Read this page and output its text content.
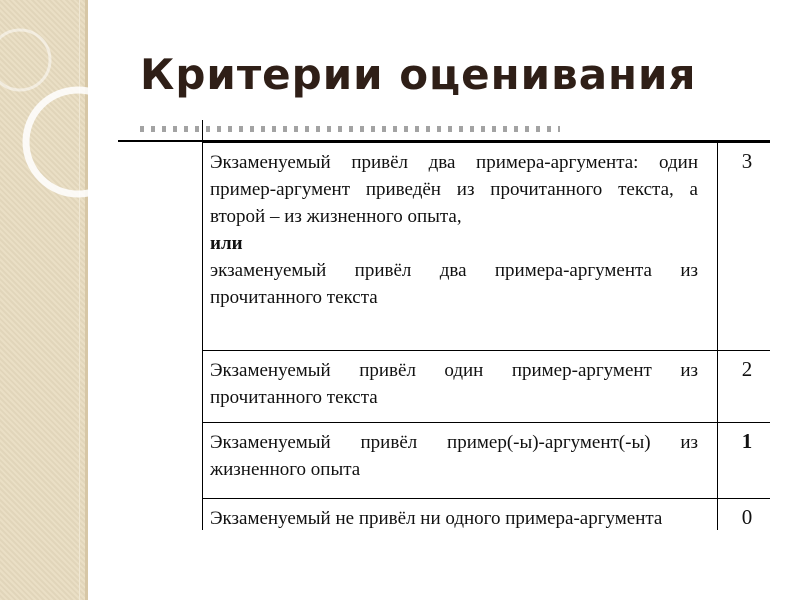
Критерии оценивания
Экзаменуемый привёл два примера-аргумента: один
пример-аргумент приведён из прочитанного текста, а
второй – из жизненного опыта,
или
экзаменуемый привёл два примера-аргумента из
прочитанного текста
3
Экзаменуемый привёл один пример-аргумент из
прочитанного текста
2
Экзаменуемый привёл пример(-ы)-аргумент(-ы) из
жизненного опыта
1
Экзаменуемый не привёл ни одного примера-аргумента	0
